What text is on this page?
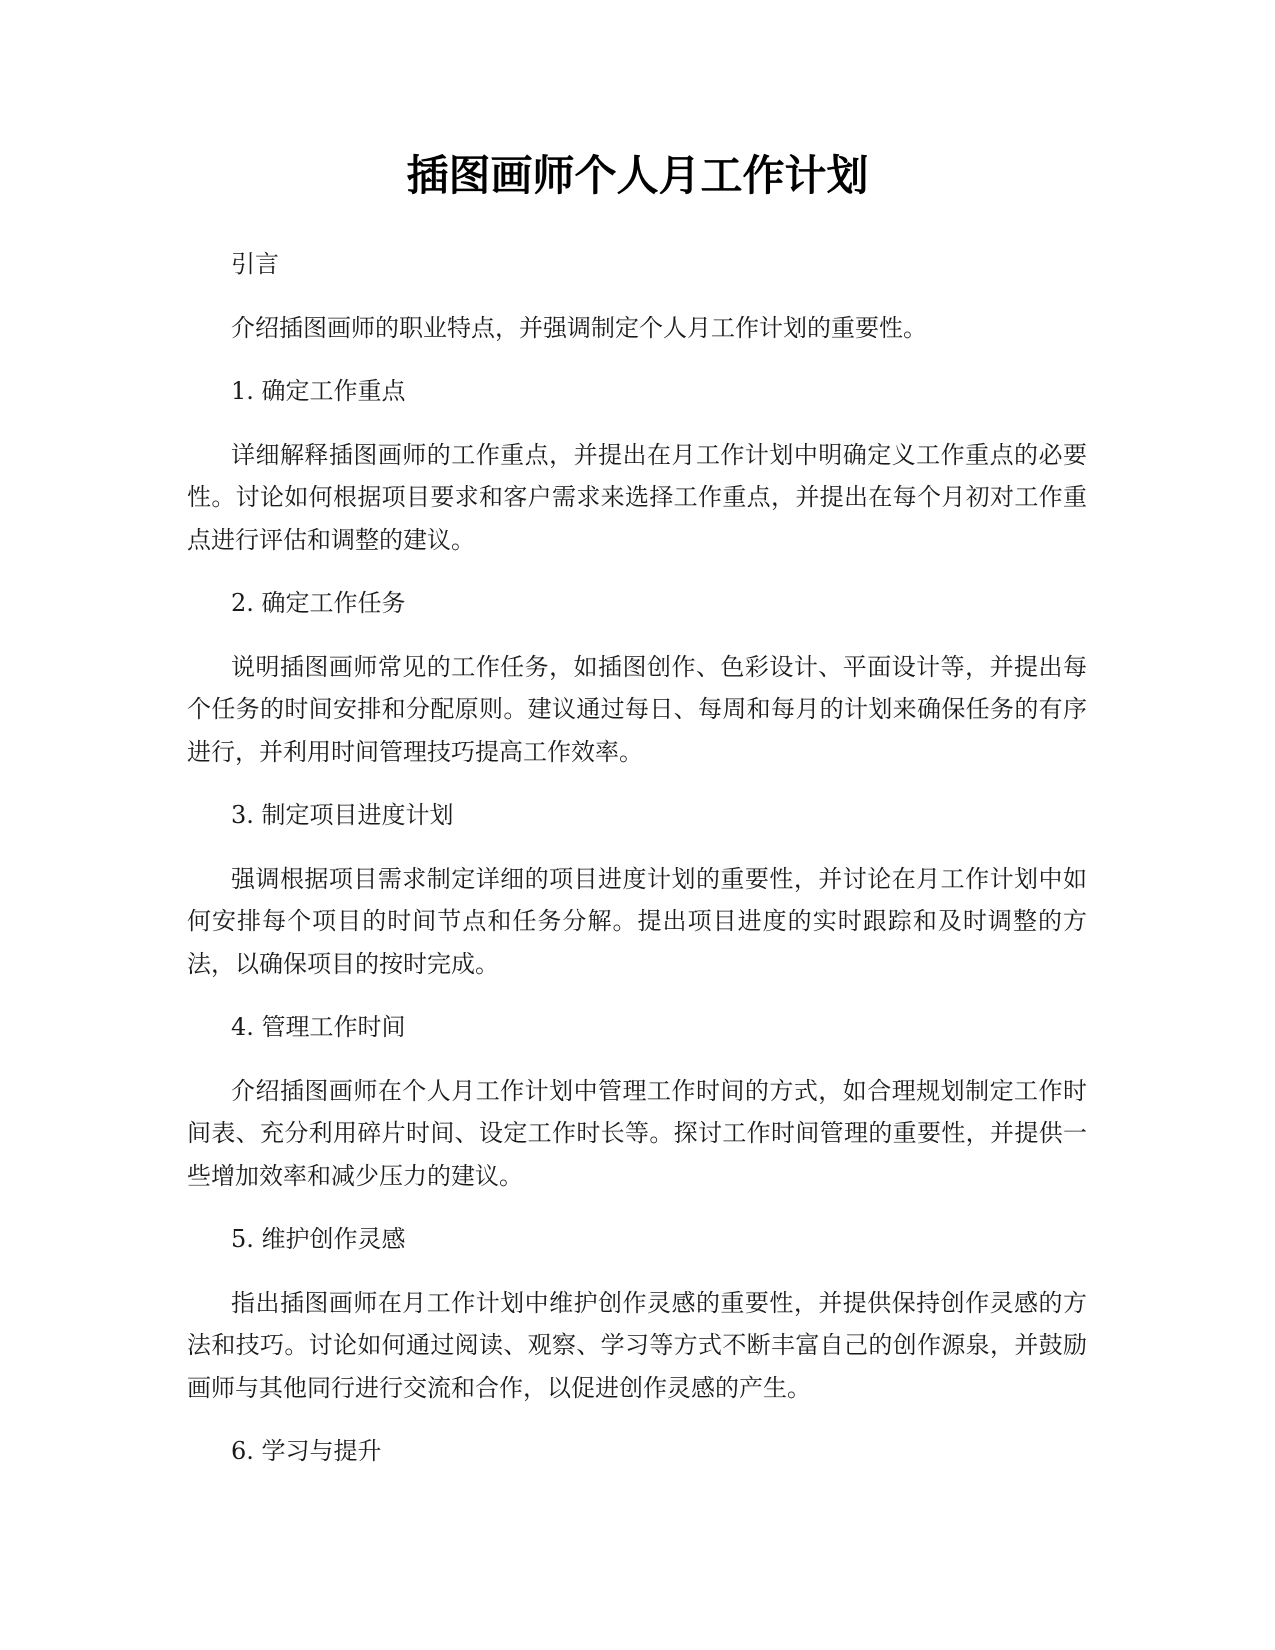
插图画师个人月工作计划

引言

介绍插图画师的职业特点，并强调制定个人月工作计划的重要性。

1. 确定工作重点

详细解释插图画师的工作重点，并提出在月工作计划中明确定义工作重点的必要性。讨论如何根据项目要求和客户需求来选择工作重点，并提出在每个月初对工作重点进行评估和调整的建议。

2. 确定工作任务

说明插图画师常见的工作任务，如插图创作、色彩设计、平面设计等，并提出每个任务的时间安排和分配原则。建议通过每日、每周和每月的计划来确保任务的有序进行，并利用时间管理技巧提高工作效率。

3. 制定项目进度计划

强调根据项目需求制定详细的项目进度计划的重要性，并讨论在月工作计划中如何安排每个项目的时间节点和任务分解。提出项目进度的实时跟踪和及时调整的方法，以确保项目的按时完成。

4. 管理工作时间

介绍插图画师在个人月工作计划中管理工作时间的方式，如合理规划制定工作时间表、充分利用碎片时间、设定工作时长等。探讨工作时间管理的重要性，并提供一些增加效率和减少压力的建议。

5. 维护创作灵感

指出插图画师在月工作计划中维护创作灵感的重要性，并提供保持创作灵感的方法和技巧。讨论如何通过阅读、观察、学习等方式不断丰富自己的创作源泉，并鼓励画师与其他同行进行交流和合作，以促进创作灵感的产生。

6. 学习与提升
